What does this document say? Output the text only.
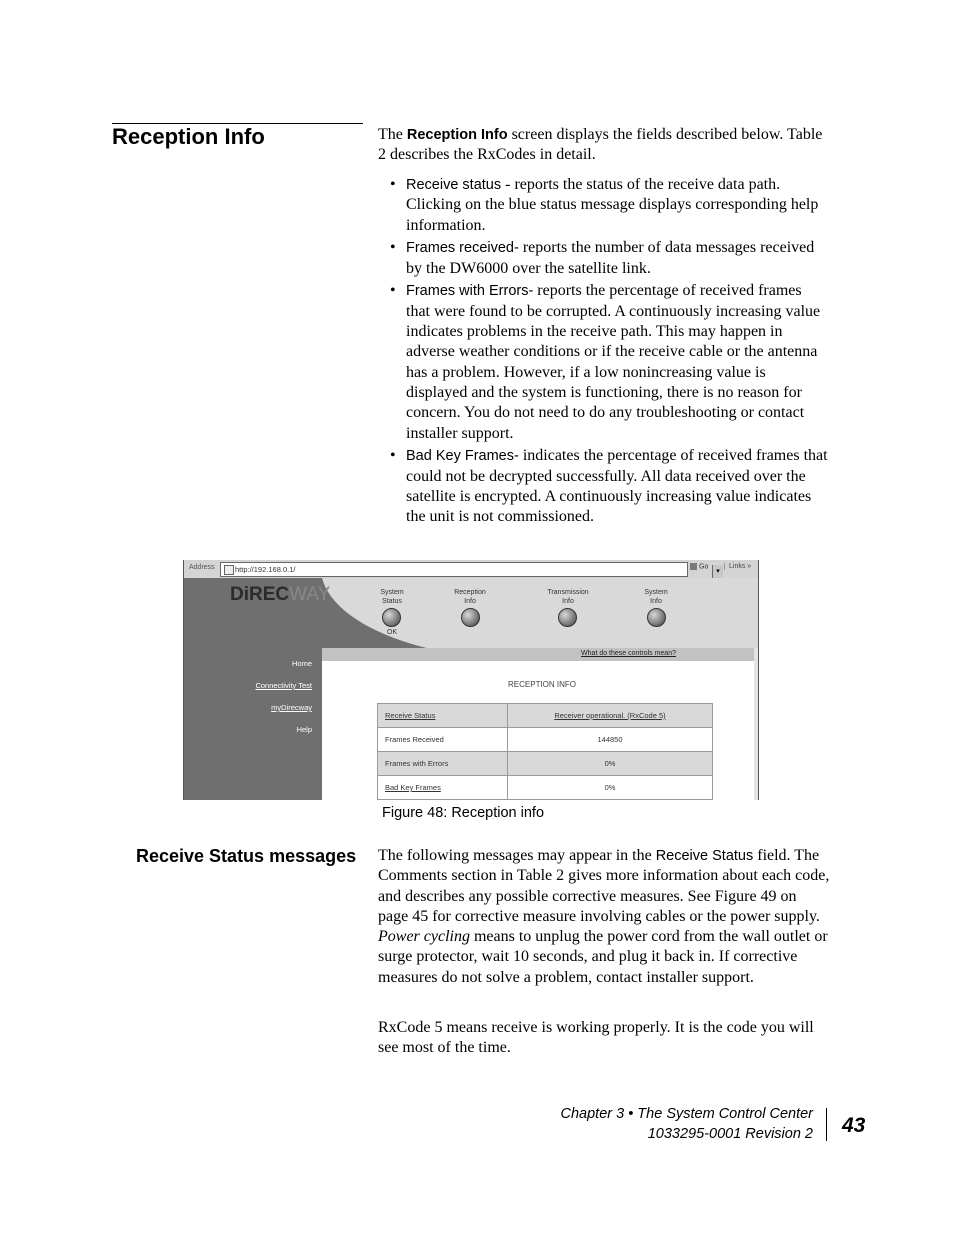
Reception Info	The Reception Info screen displays the fields described below. Table 2 describes the RxCodes in detail.
• Receive status - reports the status of the receive data path. Clicking on the blue status message displays corresponding help information.
• Frames received- reports the number of data messages received by the DW6000 over the satellite link.
• Frames with Errors- reports the percentage of received frames that were found to be corrupted. A continuously increasing value indicates problems in the receive path. This may happen in adverse weather conditions or if the receive cable or the antenna has a problem. However, if a low nonincreasing value is displayed and the system is functioning, there is no reason for concern. You do not need to do any troubleshooting or contact installer support.
• Bad Key Frames- indicates the percentage of received frames that could not be decrypted successfully. All data received over the satellite is encrypted. A continuously increasing value indicates the unit is not commissioned.
Address	http://192.168.0.1/	▾
Go	Links »
DiRECWAY	System
Status
OK
Reception
Info
Transmission
Info
System
Info
What do these controls mean?
Home
Connectivity Test
myDirecway
Help
RECEPTION INFO
Receive Status	Receiver operational. (RxCode 5)
Frames Received	144850
Frames with Errors	0%
Bad Key Frames	0%
Figure 48: Reception info
Receive Status messages The following messages may appear in the Receive Status field. The Comments section in Table 2 gives more information about each code, and describes any possible corrective measures. See Figure 49 on page 45 for corrective measure involving cables or the power supply. Power cycling means to unplug the power cord from the wall outlet or surge protector, wait 10 seconds, and plug it back in. If corrective measures do not solve a problem, contact installer support.
RxCode 5 means receive is working properly. It is the code you will see most of the time.
Chapter 3 • The System Control Center
1033295-0001 Revision 2 43
